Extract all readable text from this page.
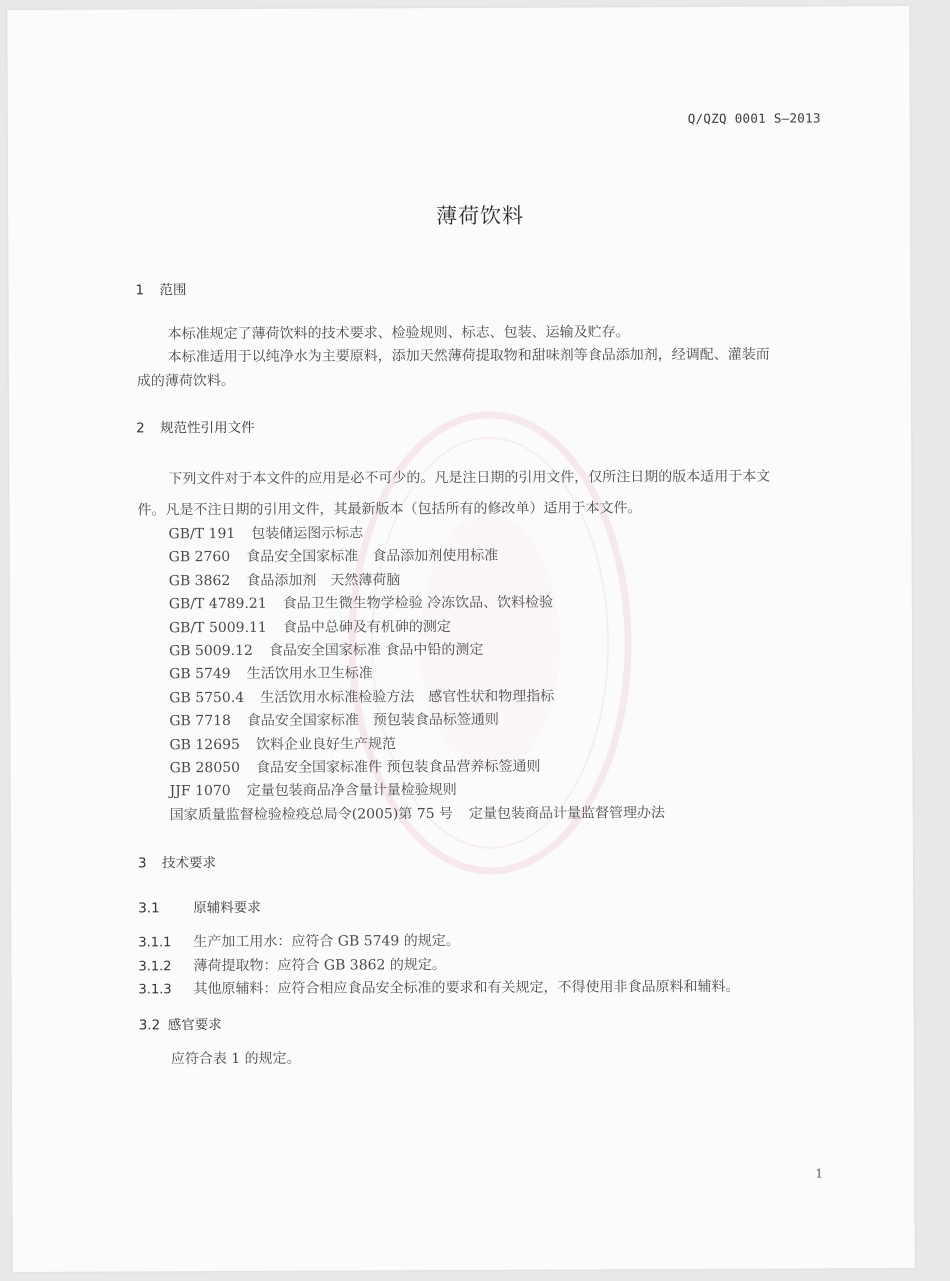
Q/QZQ 0001 S—2013
薄荷饮料
1 范围
本标准规定了薄荷饮料的技术要求、检验规则、标志、包装、运输及贮存。
本标准适用于以纯净水为主要原料，添加天然薄荷提取物和甜味剂等食品添加剂，经调配、灌装而
成的薄荷饮料。
2 规范性引用文件
下列文件对于本文件的应用是必不可少的。凡是注日期的引用文件，仅所注日期的版本适用于本文
件。凡是不注日期的引用文件，其最新版本（包括所有的修改单）适用于本文件。
GB/T 191 包装储运图示标志
GB 2760 食品安全国家标准　食品添加剂使用标准
GB 3862 食品添加剂　天然薄荷脑
GB/T 4789.21 食品卫生微生物学检验 冷冻饮品、饮料检验
GB/T 5009.11 食品中总砷及有机砷的测定
GB 5009.12 食品安全国家标准 食品中铅的测定
GB 5749 生活饮用水卫生标准
GB 5750.4 生活饮用水标准检验方法　感官性状和物理指标
GB 7718 食品安全国家标准　预包装食品标签通则
GB 12695 饮料企业良好生产规范
GB 28050 食品安全国家标准件 预包装食品营养标签通则
JJF 1070 定量包装商品净含量计量检验规则
国家质量监督检验检疫总局令(2005)第 75 号 定量包装商品计量监督管理办法
3 技术要求
3.1 原辅料要求
3.1.1 生产加工用水：应符合 GB 5749 的规定。
3.1.2 薄荷提取物：应符合 GB 3862 的规定。
3.1.3 其他原辅料：应符合相应食品安全标准的要求和有关规定，不得使用非食品原料和辅料。
3.2 感官要求
应符合表 1 的规定。
1
